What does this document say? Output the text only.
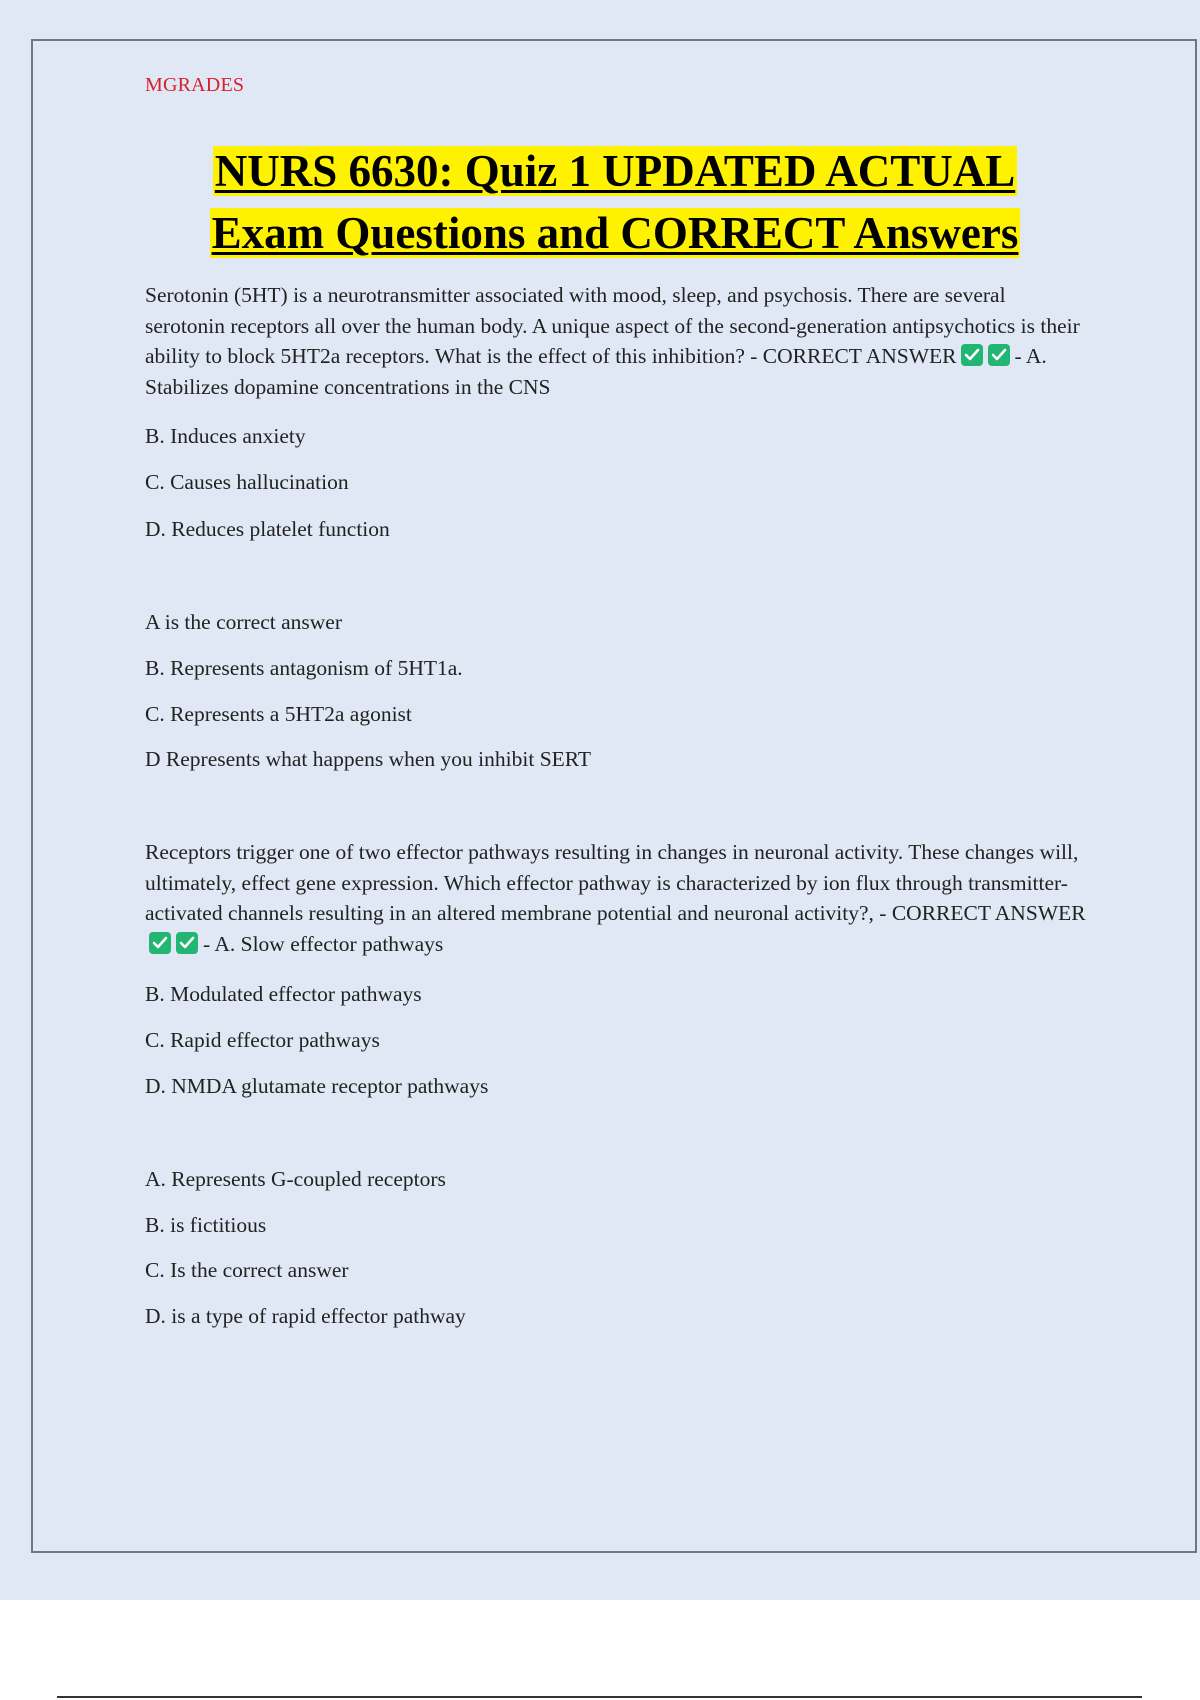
MGRADES
NURS 6630: Quiz 1 UPDATED ACTUAL
Exam Questions and CORRECT Answers
Serotonin (5HT) is a neurotransmitter associated with mood, sleep, and psychosis. There are several serotonin receptors all over the human body. A unique aspect of the second-generation antipsychotics is their ability to block 5HT2a receptors. What is the effect of this inhibition? - CORRECT ANSWER	- A. Stabilizes dopamine concentrations in the CNS
B. Induces anxiety
C. Causes hallucination
D. Reduces platelet function
A is the correct answer
B. Represents antagonism of 5HT1a.
C. Represents a 5HT2a agonist
D Represents what happens when you inhibit SERT
Receptors trigger one of two effector pathways resulting in changes in neuronal activity. These changes will, ultimately, effect gene expression. Which effector pathway is characterized by ion flux through transmitter-activated channels resulting in an altered membrane potential and neuronal activity?, - CORRECT ANSWER
- A. Slow effector pathways
B. Modulated effector pathways
C. Rapid effector pathways
D. NMDA glutamate receptor pathways
A. Represents G-coupled receptors
B. is fictitious
C. Is the correct answer
D. is a type of rapid effector pathway
